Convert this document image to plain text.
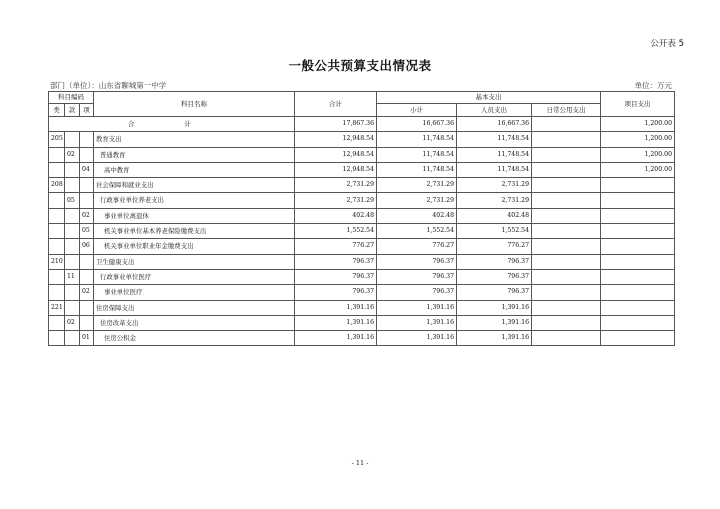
公开表 5
一般公共预算支出情况表
部门（单位）：山东省聊城第一中学	单位：万元
科目编码			科目名称	合计	基本支出			项目支出
类	款	项			小计	人员支出	日常公用支出	
合 计				17,867.36	16,667.36	16,667.36		1,200.00
205			教育支出	12,948.54	11,748.54	11,748.54		1,200.00
	02		普通教育	12,948.54	11,748.54	11,748.54		1,200.00
		04	高中教育	12,948.54	11,748.54	11,748.54		1,200.00
208			社会保障和就业支出	2,731.29	2,731.29	2,731.29		
	05		行政事业单位养老支出	2,731.29	2,731.29	2,731.29		
		02	事业单位离退休	402.48	402.48	402.48		
		05	机关事业单位基本养老保险缴费支出	1,552.54	1,552.54	1,552.54		
		06	机关事业单位职业年金缴费支出	776.27	776.27	776.27		
210			卫生健康支出	796.37	796.37	796.37		
	11		行政事业单位医疗	796.37	796.37	796.37		
		02	事业单位医疗	796.37	796.37	796.37		
221			住房保障支出	1,391.16	1,391.16	1,391.16		
	02		住房改革支出	1,391.16	1,391.16	1,391.16		
		01	住房公积金	1,391.16	1,391.16	1,391.16		
- 11 -
